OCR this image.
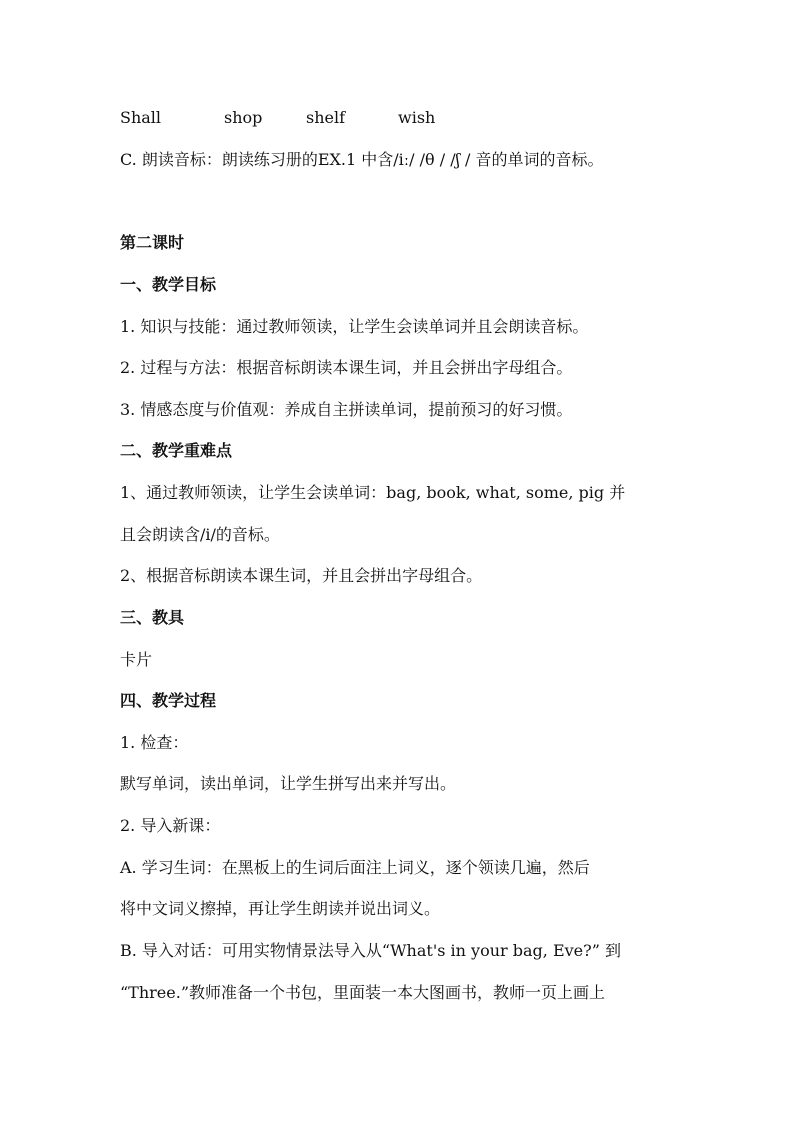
Shall	shop	shelf	wish
C. 朗读音标：朗读练习册的EX.1 中含/iː/ /θ / /ʃ / 音的单词的音标。
第二课时
一、教学目标
1. 知识与技能：通过教师领读，让学生会读单词并且会朗读音标。
2. 过程与方法：根据音标朗读本课生词，并且会拼出字母组合。
3. 情感态度与价值观：养成自主拼读单词，提前预习的好习惯。
二、教学重难点
1、通过教师领读，让学生会读单词：bag, book, what, some, pig 并
且会朗读含/i/的音标。
2、根据音标朗读本课生词，并且会拼出字母组合。
三、教具
卡片
四、教学过程
1. 检查：
默写单词，读出单词，让学生拼写出来并写出。
2. 导入新课：
A. 学习生词：在黑板上的生词后面注上词义，逐个领读几遍，然后
将中文词义擦掉，再让学生朗读并说出词义。
B. 导入对话：可用实物情景法导入从“What's in your bag, Eve?” 到
“Three.”教师准备一个书包，里面装一本大图画书，教师一页上画上
